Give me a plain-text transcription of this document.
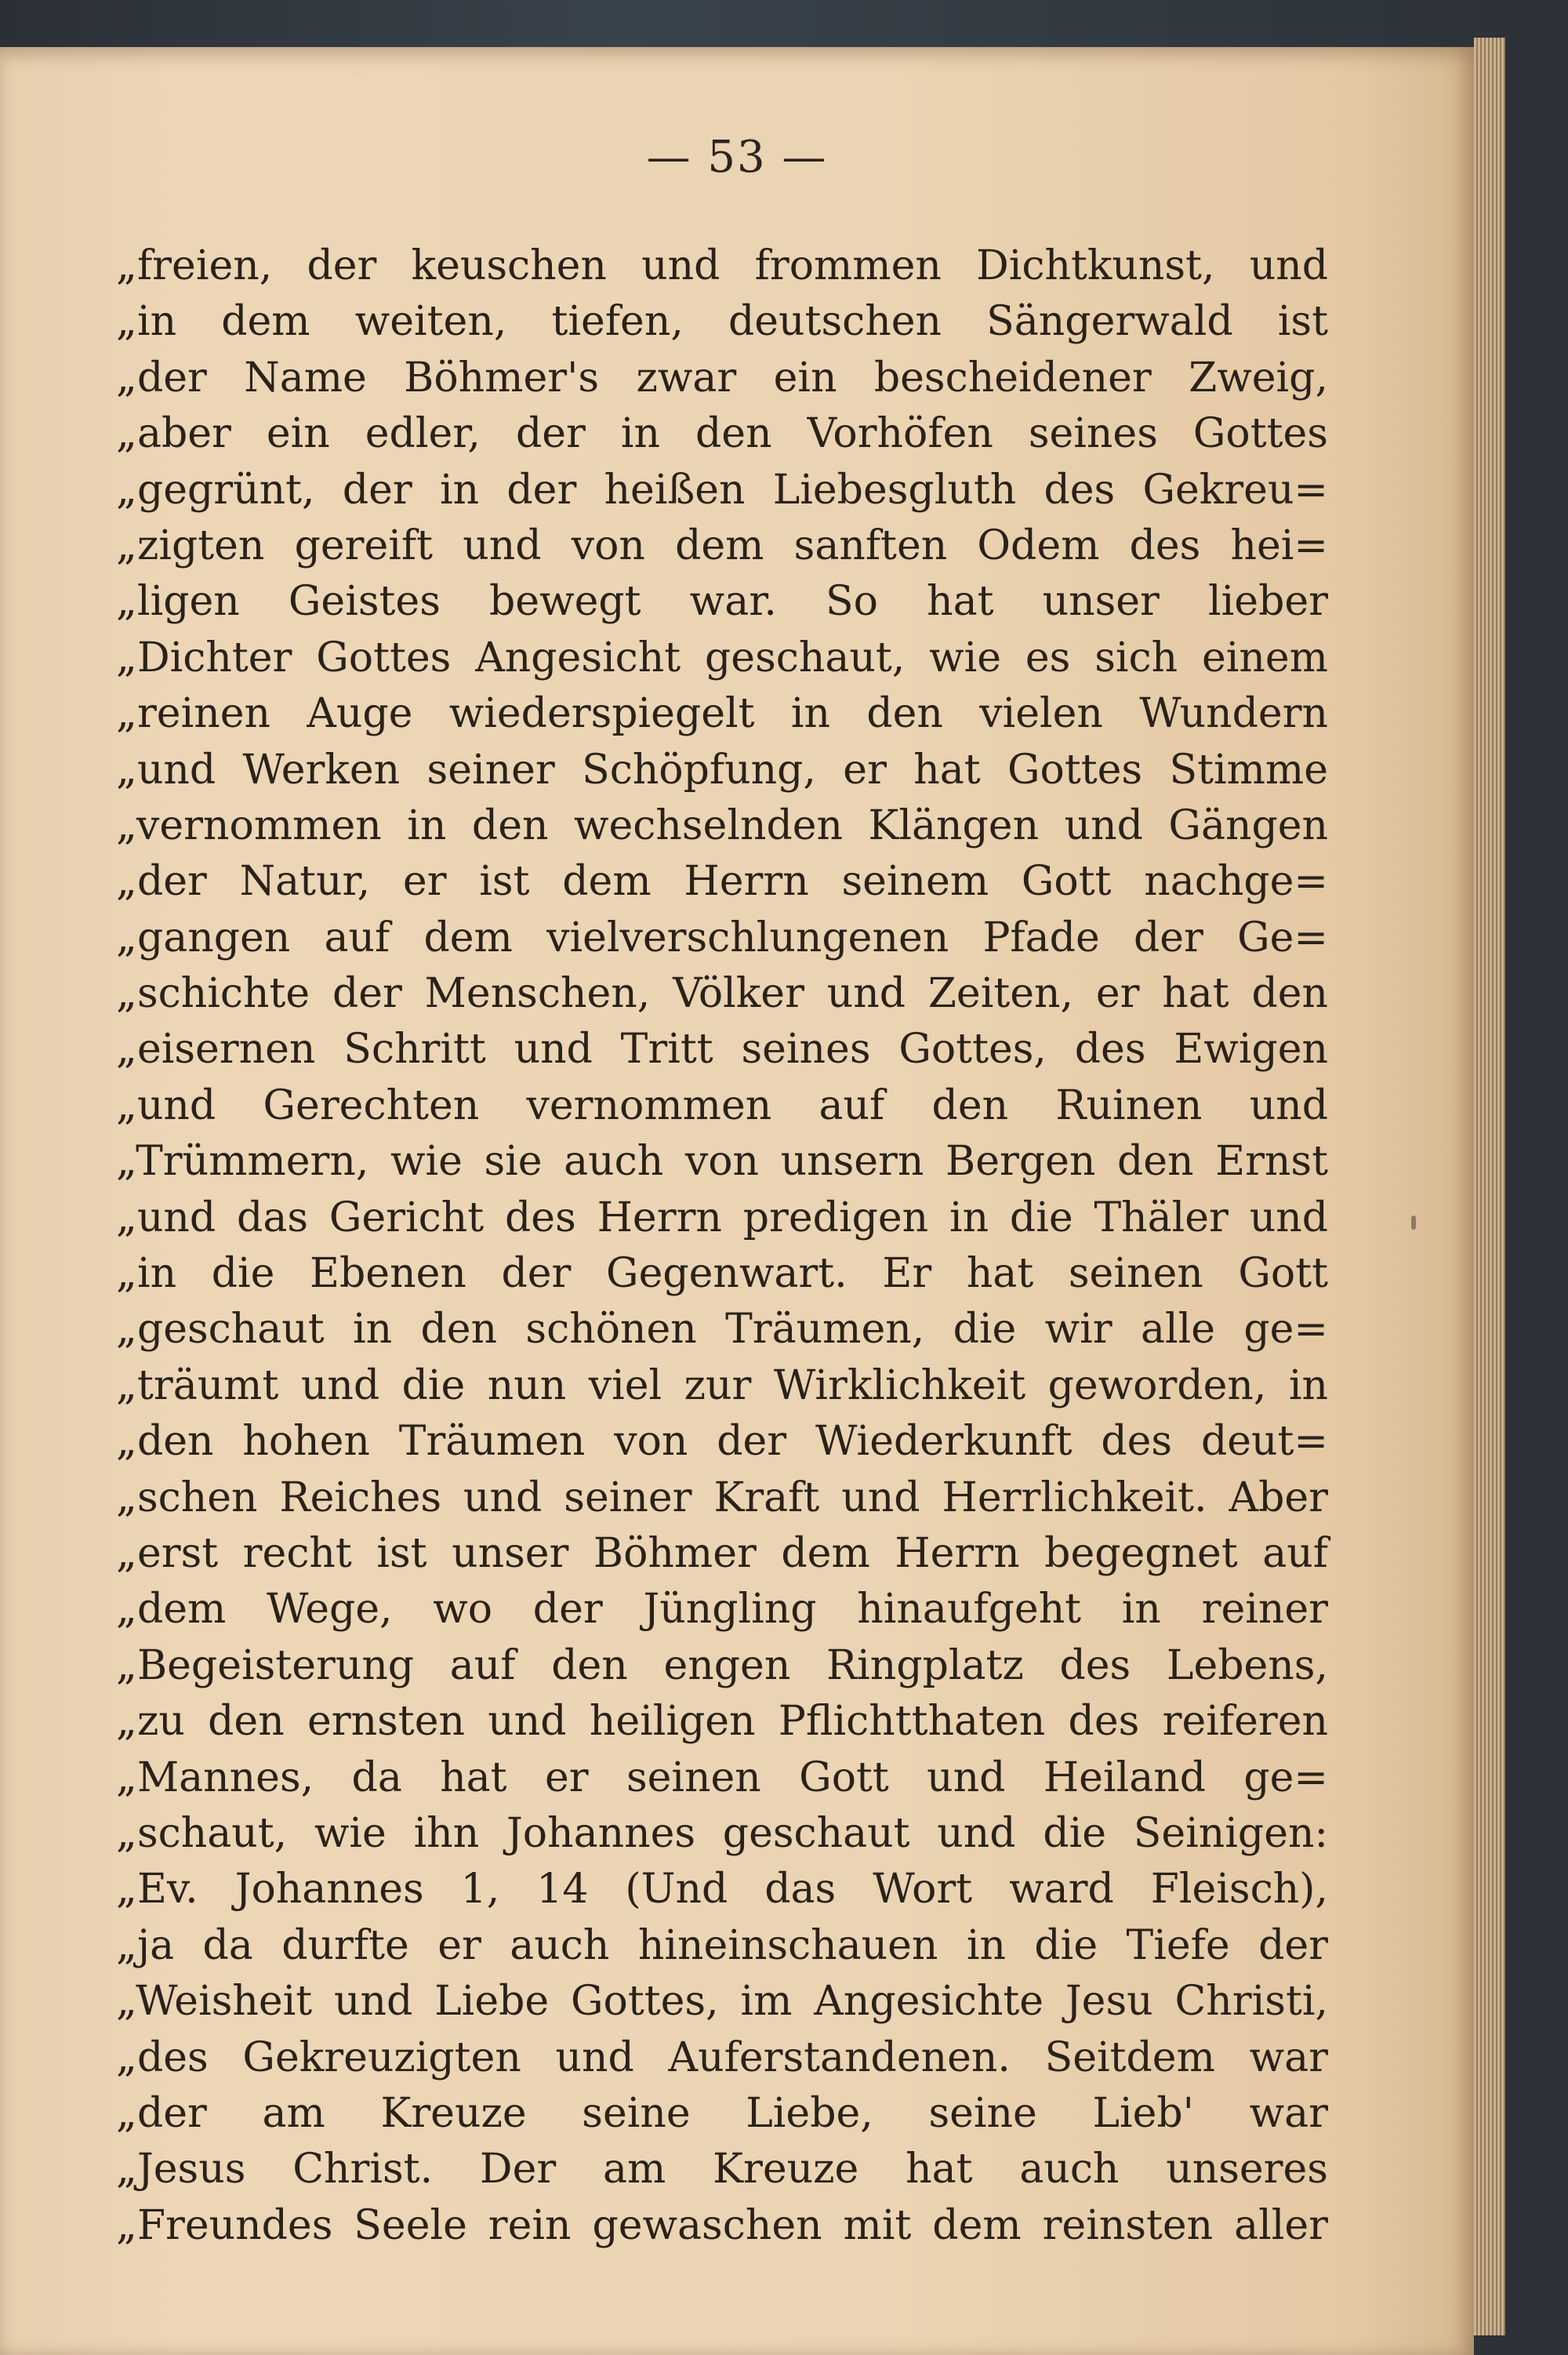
— 53 —
„freien, der keuschen und frommen Dichtkunst, und
„in dem weiten, tiefen, deutschen Sängerwald ist
„der Name Böhmer's zwar ein bescheidener Zweig,
„aber ein edler, der in den Vorhöfen seines Gottes
„gegrünt, der in der heißen Liebesgluth des Gekreu=
„zigten gereift und von dem sanften Odem des hei=
„ligen Geistes bewegt war. So hat unser lieber
„Dichter Gottes Angesicht geschaut, wie es sich einem
„reinen Auge wiederspiegelt in den vielen Wundern
„und Werken seiner Schöpfung, er hat Gottes Stimme
„vernommen in den wechselnden Klängen und Gängen
„der Natur, er ist dem Herrn seinem Gott nachge=
„gangen auf dem vielverschlungenen Pfade der Ge=
„schichte der Menschen, Völker und Zeiten, er hat den
„eisernen Schritt und Tritt seines Gottes, des Ewigen
„und Gerechten vernommen auf den Ruinen und
„Trümmern, wie sie auch von unsern Bergen den Ernst
„und das Gericht des Herrn predigen in die Thäler und
„in die Ebenen der Gegenwart. Er hat seinen Gott
„geschaut in den schönen Träumen, die wir alle ge=
„träumt und die nun viel zur Wirklichkeit geworden, in
„den hohen Träumen von der Wiederkunft des deut=
„schen Reiches und seiner Kraft und Herrlichkeit. Aber
„erst recht ist unser Böhmer dem Herrn begegnet auf
„dem Wege, wo der Jüngling hinaufgeht in reiner
„Begeisterung auf den engen Ringplatz des Lebens,
„zu den ernsten und heiligen Pflichtthaten des reiferen
„Mannes, da hat er seinen Gott und Heiland ge=
„schaut, wie ihn Johannes geschaut und die Seinigen:
„Ev. Johannes 1, 14 (Und das Wort ward Fleisch),
„ja da durfte er auch hineinschauen in die Tiefe der
„Weisheit und Liebe Gottes, im Angesichte Jesu Christi,
„des Gekreuzigten und Auferstandenen. Seitdem war
„der am Kreuze seine Liebe, seine Lieb' war
„Jesus Christ. Der am Kreuze hat auch unseres
„Freundes Seele rein gewaschen mit dem reinsten aller
